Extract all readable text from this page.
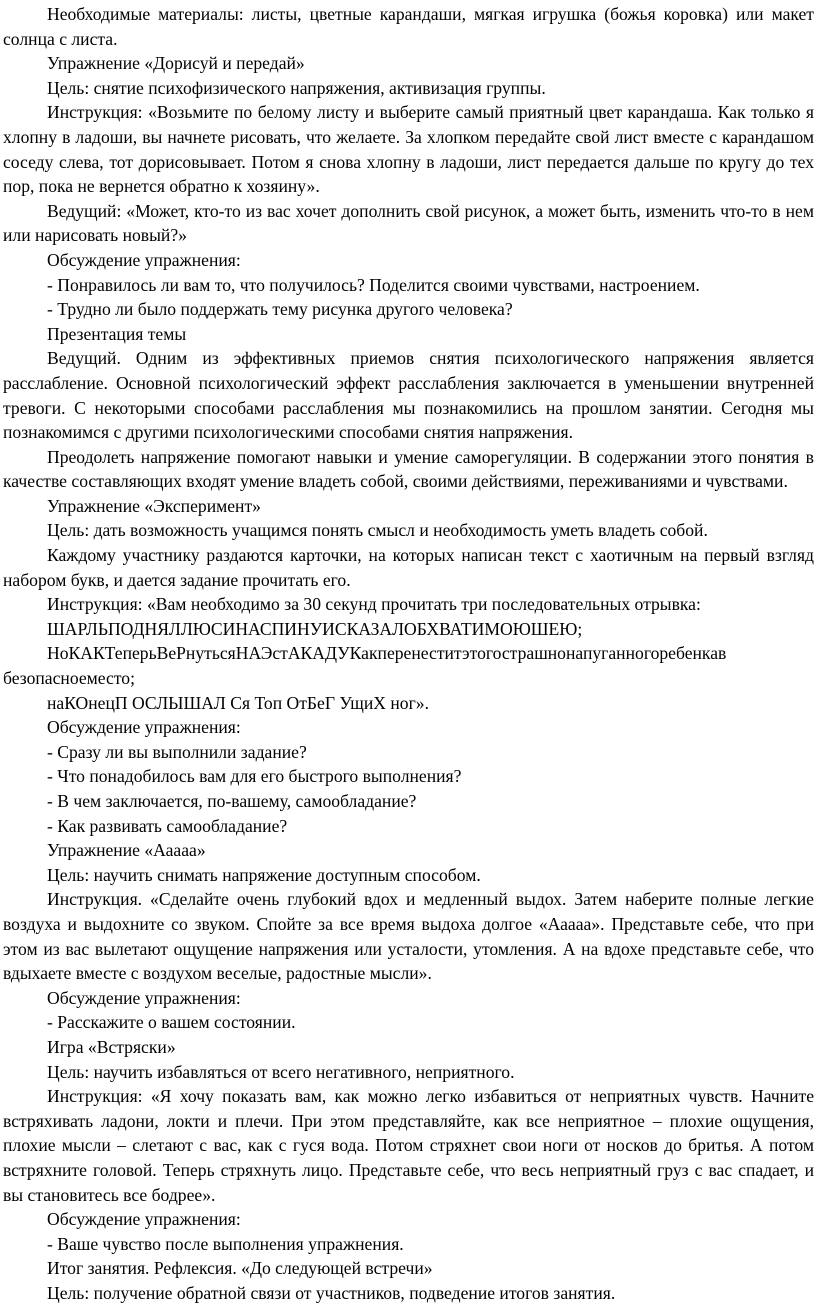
Необходимые материалы: листы, цветные карандаши, мягкая игрушка (божья коровка) или макет солнца с листа.

Упражнение «Дорисуй и передай»

Цель: снятие психофизического напряжения, активизация группы.

Инструкция: «Возьмите по белому листу и выберите самый приятный цвет карандаша. Как только я хлопну в ладоши, вы начнете рисовать, что желаете. За хлопком передайте свой лист вместе с карандашом соседу слева, тот дорисовывает. Потом я снова хлопну в ладоши, лист передается дальше по кругу до тех пор, пока не вернется обратно к хозяину».

Ведущий: «Может, кто-то из вас хочет дополнить свой рисунок, а может быть, изменить что-то в нем или нарисовать новый?»

Обсуждение упражнения:

- Понравилось ли вам то, что получилось? Поделится своими чувствами, настроением.

- Трудно ли было поддержать тему рисунка другого человека?

Презентация темы

Ведущий. Одним из эффективных приемов снятия психологического напряжения является расслабление. Основной психологический эффект расслабления заключается в уменьшении внутренней тревоги. С некоторыми способами расслабления мы познакомились на прошлом занятии. Сегодня мы познакомимся с другими психологическими способами снятия напряжения.

Преодолеть напряжение помогают навыки и умение саморегуляции. В содержании этого понятия в качестве составляющих входят умение владеть собой, своими действиями, переживаниями и чувствами.

Упражнение «Эксперимент»

Цель: дать возможность учащимся понять смысл и необходимость уметь владеть собой.

Каждому участнику раздаются карточки, на которых написан текст с хаотичным на первый взгляд набором букв, и дается задание прочитать его.

Инструкция: «Вам необходимо за 30 секунд прочитать три последовательных отрывка:

ШАРЛЬПОДНЯЛЛЮСИНАСПИНУИСКАЗАЛОБХВАТИМОЮШЕЮ;

НоКАКТеперьВеРнутьсяНАЭстАКАДУКакперенеститэтогострашнонапуганногоребенкав безопасноеместо;

наКОнецП ОСЛЫШАЛ Ся Топ ОтБеГ УщиХ ног».

Обсуждение упражнения:

- Сразу ли вы выполнили задание?

- Что понадобилось вам для его быстрого выполнения?

- В чем заключается, по-вашему, самообладание?

- Как развивать самообладание?

Упражнение «Ааааа»

Цель: научить снимать напряжение доступным способом.

Инструкция. «Сделайте очень глубокий вдох и медленный выдох. Затем наберите полные легкие воздуха и выдохните со звуком. Спойте за все время выдоха долгое «Ааааа». Представьте себе, что при этом из вас вылетают ощущение напряжения или усталости, утомления. А на вдохе представьте себе, что вдыхаете вместе с воздухом веселые, радостные мысли».

Обсуждение упражнения:

- Расскажите о вашем состоянии.

Игра «Встряски»

Цель: научить избавляться от всего негативного, неприятного.

Инструкция: «Я хочу показать вам, как можно легко избавиться от неприятных чувств. Начните встряхивать ладони, локти и плечи. При этом представляйте, как все неприятное – плохие ощущения, плохие мысли – слетают с вас, как с гуся вода. Потом стряхнет свои ноги от носков до бритья. А потом встряхните головой. Теперь стряхнуть лицо. Представьте себе, что весь неприятный груз с вас спадает, и вы становитесь все бодрее».

Обсуждение упражнения:

- Ваше чувство после выполнения упражнения.

Итог занятия. Рефлексия. «До следующей встречи»

Цель: получение обратной связи от участников, подведение итогов занятия.
